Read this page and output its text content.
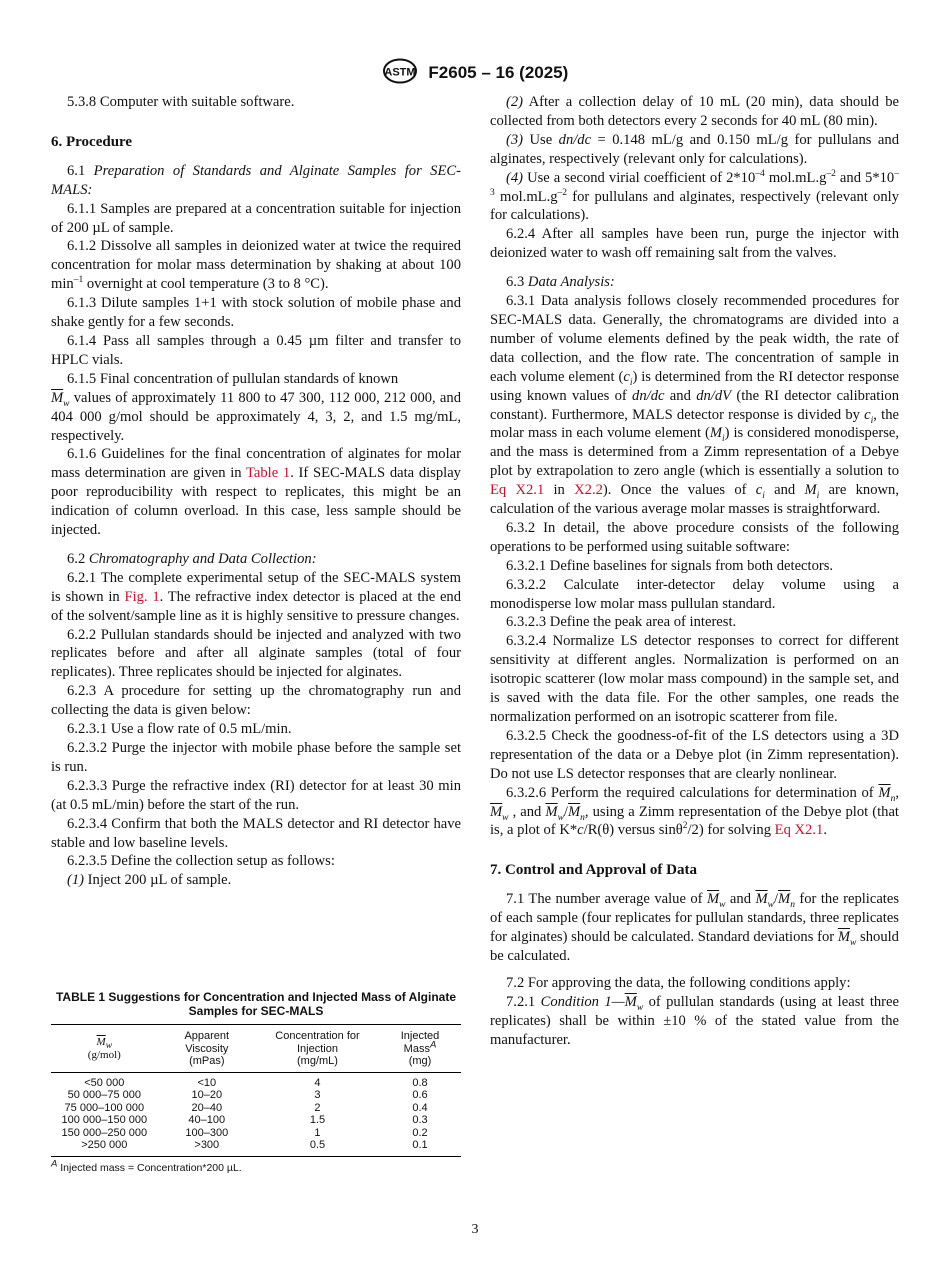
ASTM F2605 – 16 (2025)

5.3.8 Computer with suitable software.

6. Procedure

6.1 Preparation of Standards and Alginate Samples for SEC-MALS:

6.1.1 Samples are prepared at a concentration suitable for injection of 200 µL of sample.

6.1.2 Dissolve all samples in deionized water at twice the required concentration for molar mass determination by shaking at about 100 $\min^{-1}$ overnight at cool temperature (3 to 8 °C).

6.1.3 Dilute samples 1+1 with stock solution of mobile phase and shake gently for a few seconds.

6.1.4 Pass all samples through a 0.45 µm filter and transfer to HPLC vials.

6.1.5 Final concentration of pullulan standards of known
$\overline{M}_w$ values of approximately 11 800 to 47 300, 112 000, 212 000, and 404 000 g/mol should be approximately 4, 3, 2, and 1.5 mg/mL, respectively.

6.1.6 Guidelines for the final concentration of alginates for molar mass determination are given in Table 1. If SEC-MALS data display poor reproducibility with respect to replicates, this might be an indication of column overload. In this case, less sample should be injected.

6.2 Chromatography and Data Collection:

6.2.1 The complete experimental setup of the SEC-MALS system is shown in Fig. 1. The refractive index detector is placed at the end of the solvent/sample line as it is highly sensitive to pressure changes.

6.2.2 Pullulan standards should be injected and analyzed with two replicates before and after all alginate samples (total of four replicates). Three replicates should be injected for alginates.

6.2.3 A procedure for setting up the chromatography run and collecting the data is given below:

6.2.3.1 Use a flow rate of 0.5 mL/min.

6.2.3.2 Purge the injector with mobile phase before the sample set is run.

6.2.3.3 Purge the refractive index (RI) detector for at least 30 min (at 0.5 mL/min) before the start of the run.

6.2.3.4 Confirm that both the MALS detector and RI detector have stable and low baseline levels.

6.2.3.5 Define the collection setup as follows:

(1) Inject 200 µL of sample.

TABLE 1 Suggestions for Concentration and Injected Mass of Alginate Samples for SEC-MALS
$\overline{M}_w$
(g/mol)	Apparent
Viscosity
(mPas)	Concentration for
Injection
(mg/mL)	Injected
Mass$^A$
(mg)
<50 000	<10	4	0.8
50 000–75 000	10–20	3	0.6
75 000–100 000	20–40	2	0.4
100 000–150 000	40–100	1.5	0.3
150 000–250 000	100–300	1	0.2
>250 000	>300	0.5	0.1
$^A$ Injected mass = Concentration*200 µL.

(2) After a collection delay of 10 mL (20 min), data should be collected from both detectors every 2 seconds for 40 mL (80 min).

(3) Use dn/dc = 0.148 mL/g and 0.150 mL/g for pullulans and alginates, respectively (relevant only for calculations).

(4) Use a second virial coefficient of $2*10^{-4}$ $mol.mL.g^{-2}$ and $5*10^{-3}$ $mol.mL.g^{-2}$ for pullulans and alginates, respectively (relevant only for calculations).

6.2.4 After all samples have been run, purge the injector with deionized water to wash off remaining salt from the valves.

6.3 Data Analysis:

6.3.1 Data analysis follows closely recommended procedures for SEC-MALS data. Generally, the chromatograms are divided into a number of volume elements defined by the peak width, the rate of data collection, and the flow rate. The concentration of sample in each volume element $(c_i)$ is determined from the RI detector response using known values of dn/dc and dn/dV (the RI detector calibration constant). Furthermore, MALS detector response is divided by $c_i$, the molar mass in each volume element $(M_i)$ is considered monodisperse, and the mass is determined from a Zimm representation of a Debye plot by extrapolation to zero angle (which is essentially a solution to Eq X2.1 in X2.2). Once the values of $c_i$ and $M_i$ are known, calculation of the various average molar masses is straightforward.

6.3.2 In detail, the above procedure consists of the following operations to be performed using suitable software:

6.3.2.1 Define baselines for signals from both detectors.

6.3.2.2 Calculate inter-detector delay volume using a monodisperse low molar mass pullulan standard.

6.3.2.3 Define the peak area of interest.

6.3.2.4 Normalize LS detector responses to correct for different sensitivity at different angles. Normalization is performed on an isotropic scatterer (low molar mass compound) in the sample set, and is saved with the data file. For the other samples, one reads the normalization performed on an isotropic scatterer from file.

6.3.2.5 Check the goodness-of-fit of the LS detectors using a 3D representation of the data or a Debye plot (in Zimm representation). Do not use LS detector responses that are clearly nonlinear.

6.3.2.6 Perform the required calculations for determination of $\overline{M}_n$, $\overline{M}_w$ , and $\overline{M}_w/\overline{M}_n$, using a Zimm representation of the Debye plot (that is, a plot of K*c/R(θ) versus sinθ$^2$/2) for solving Eq X2.1.

7. Control and Approval of Data

7.1 The number average value of $\overline{M}_w$ and $\overline{M}_w/\overline{M}_n$ for the replicates of each sample (four replicates for pullulan standards, three replicates for alginates) should be calculated. Standard deviations for $\overline{M}_w$ should be calculated.

7.2 For approving the data, the following conditions apply:

7.2.1 Condition $1—\overline{M}_w$ of pullulan standards (using at least three replicates) shall be within ±10 % of the stated value from the manufacturer.

3
